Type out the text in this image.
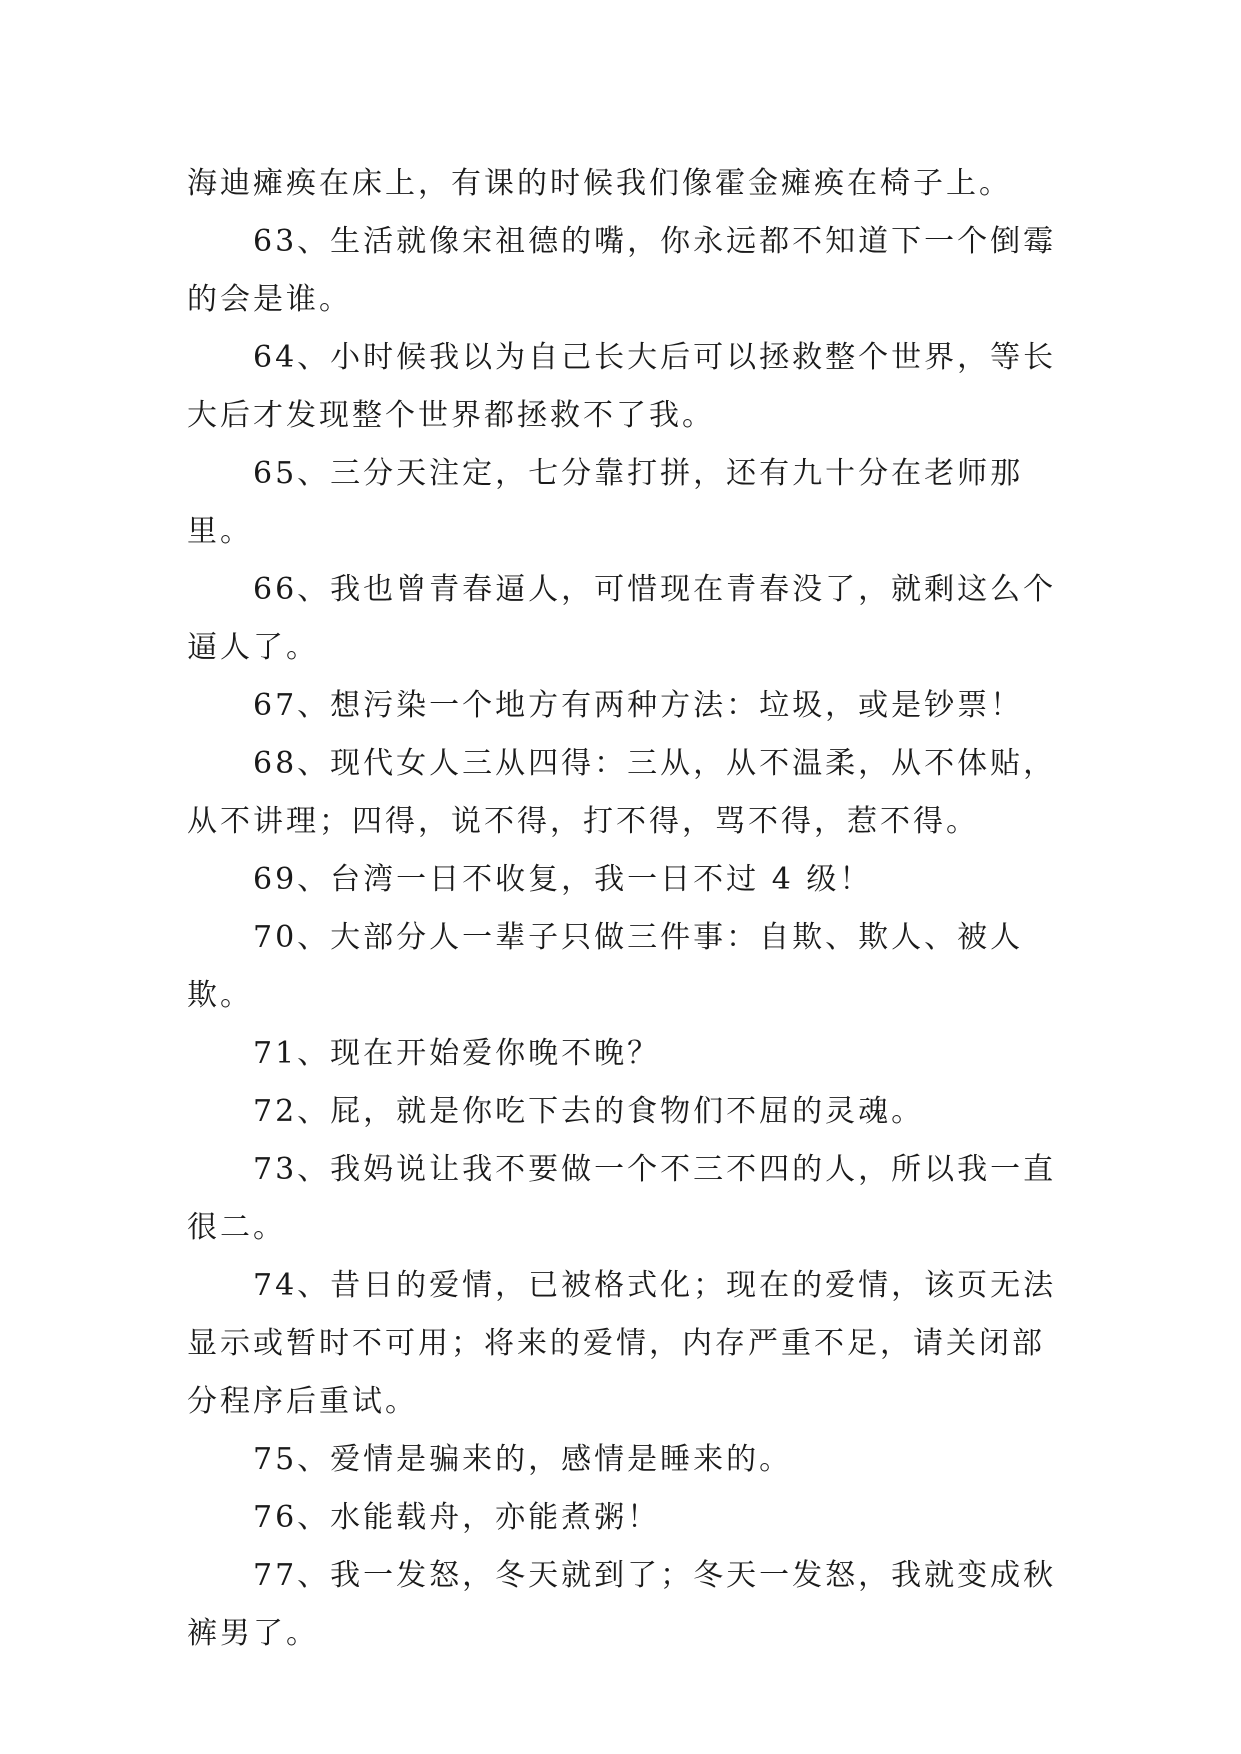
海迪瘫痪在床上，有课的时候我们像霍金瘫痪在椅子上。

63、生活就像宋祖德的嘴，你永远都不知道下一个倒霉的会是谁。

64、小时候我以为自己长大后可以拯救整个世界，等长大后才发现整个世界都拯救不了我。

65、三分天注定，七分靠打拼，还有九十分在老师那里。

66、我也曾青春逼人，可惜现在青春没了，就剩这么个逼人了。

67、想污染一个地方有两种方法：垃圾，或是钞票！

68、现代女人三从四得：三从，从不温柔，从不体贴，从不讲理；四得，说不得，打不得，骂不得，惹不得。

69、台湾一日不收复，我一日不过 4 级！

70、大部分人一辈子只做三件事：自欺、欺人、被人欺。

71、现在开始爱你晚不晚？

72、屁，就是你吃下去的食物们不屈的灵魂。

73、我妈说让我不要做一个不三不四的人，所以我一直很二。

74、昔日的爱情，已被格式化；现在的爱情，该页无法显示或暂时不可用；将来的爱情，内存严重不足，请关闭部分程序后重试。

75、爱情是骗来的，感情是睡来的。

76、水能载舟，亦能煮粥！

77、我一发怒，冬天就到了；冬天一发怒，我就变成秋裤男了。
